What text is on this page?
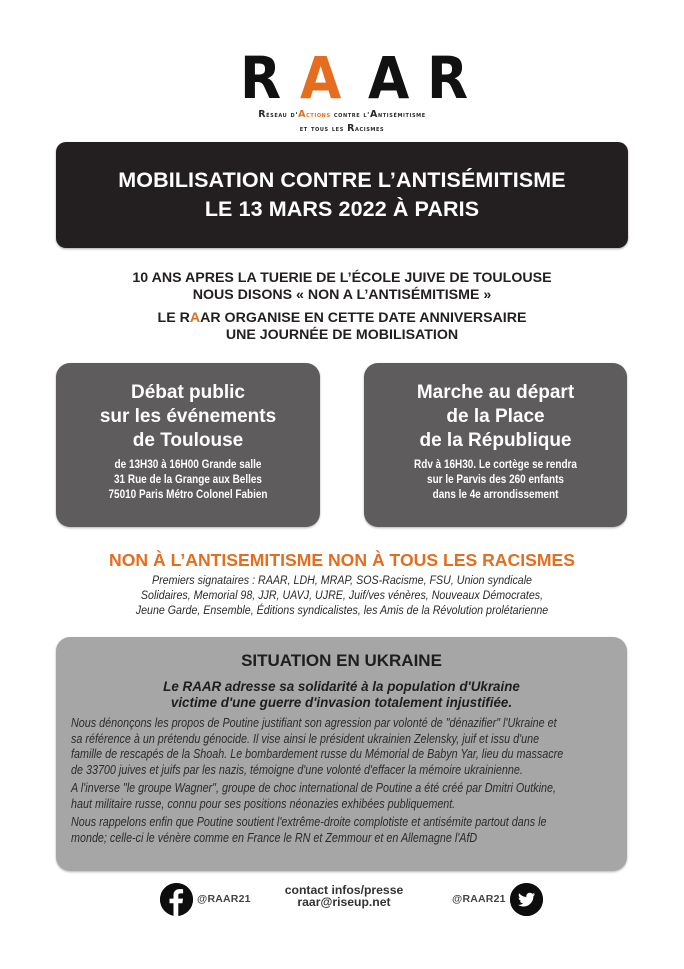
R A A R
Réseau d'Actions contre l'Antisémitisme
et tous les Racismes
MOBILISATION CONTRE L’ANTISÉMITISME
LE 13 MARS 2022 À PARIS
10 ANS APRES LA TUERIE DE L’ÉCOLE JUIVE DE TOULOUSE
NOUS DISONS « NON A L’ANTISÉMITISME »
LE RAAR ORGANISE EN CETTE DATE ANNIVERSAIRE
UNE JOURNÉE DE MOBILISATION
Débat public
sur les événements
de Toulouse
de 13H30 à 16H00 Grande salle
31 Rue de la Grange aux Belles
75010 Paris Métro Colonel Fabien
Marche au départ
de la Place
de la République
Rdv à 16H30. Le cortège se rendra
sur le Parvis des 260 enfants
dans le 4e arrondissement
NON À L’ANTISEMITISME NON À TOUS LES RACISMES
Premiers signataires : RAAR, LDH, MRAP, SOS-Racisme, FSU, Union syndicale
Solidaires, Memorial 98, JJR, UAVJ, UJRE, Juif/ves vénères, Nouveaux Démocrates,
Jeune Garde, Ensemble, Éditions syndicalistes, les Amis de la Révolution prolétarienne
SITUATION EN UKRAINE
Le RAAR adresse sa solidarité à la population d'Ukraine
victime d'une guerre d'invasion totalement injustifiée.
Nous dénonçons les propos de Poutine justifiant son agression par volonté de "dénazifier" l'Ukraine et
sa référence à un prétendu génocide. Il vise ainsi le président ukrainien Zelensky, juif et issu d'une
famille de rescapés de la Shoah. Le bombardement russe du Mémorial de Babyn Yar, lieu du massacre
de 33700 juives et juifs par les nazis, témoigne d'une volonté d'effacer la mémoire ukrainienne.
A l'inverse "le groupe Wagner", groupe de choc international de Poutine a été créé par Dmitri Outkine,
haut militaire russe, connu pour ses positions néonazies exhibées publiquement.
Nous rappelons enfin que Poutine soutient l'extrême-droite complotiste et antisémite partout dans le
monde; celle-ci le vénère comme en France le RN et Zemmour et en Allemagne l'AfD
@RAAR21
contact infos/presse
raar@riseup.net	@RAAR21
